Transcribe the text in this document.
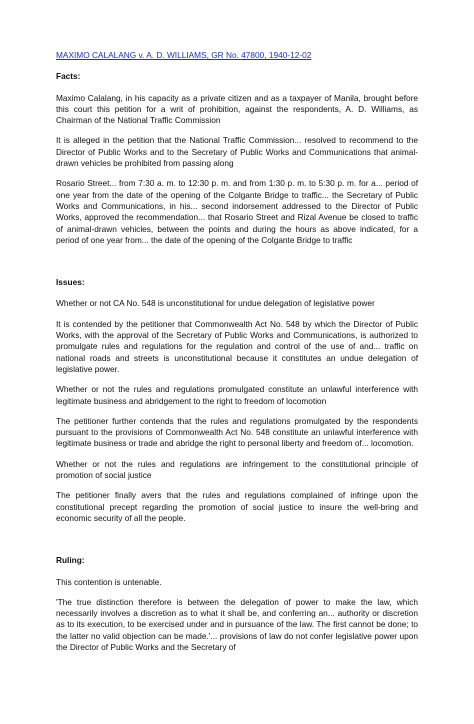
MAXIMO CALALANG v. A. D. WILLIAMS, GR No. 47800, 1940-12-02
Facts:

Maximo Calalang, in his capacity as a private citizen and as a taxpayer of Manila, brought before this court this petition for a writ of prohibition, against the respondents, A. D. Williams, as Chairman of the National Traffic Commission

It is alleged in the petition that the National Traffic Commission... resolved to recommend to the Director of Public Works and to the Secretary of Public Works and Communications that animal-drawn vehicles be prohibited from passing along

Rosario Street... from 7:30 a. m. to 12:30 p. m. and from 1:30 p. m. to 5:30 p. m. for a... period of one year from the date of the opening of the Colgante Bridge to traffic... the Secretary of Public Works and Communications, in his... second indorsement addressed to the Director of Public Works, approved the recommendation... that Rosario Street and Rizal Avenue be closed to traffic of animal-drawn vehicles, between the points and during the hours as above indicated, for a period of one year from... the date of the opening of the Colgante Bridge to traffic

Issues:

Whether or not CA No. 548 is unconstitutional for undue delegation of legislative power

It is contended by the petitioner that Commonwealth Act No. 548 by which the Director of Public Works, with the approval of the Secretary of Public Works and Communications, is authorized to promulgate rules and regulations for the regulation and control of the use of and... traffic on national roads and streets is unconstitutional because it constitutes an undue delegation of legislative power.

Whether or not the rules and regulations promulgated constitute an unlawful interference with legitimate business and abridgement to the right to freedom of locomotion

The petitioner further contends that the rules and regulations promulgated by the respondents pursuant to the provisions of Commonwealth Act No. 548 constitute an unlawful interference with legitimate business or trade and abridge the right to personal liberty and freedom of... locomotion.

Whether or not the rules and regulations are infringement to the constitutional principle of promotion of social justice

The petitioner finally avers that the rules and regulations complained of infringe upon the constitutional precept regarding the promotion of social justice to insure the well-bring and economic security of all the people.

Ruling:

This contention is untenable.

'The true distinction therefore is between the delegation of power to make the law, which necessarily involves a discretion as to what it shall be, and conferring an... authority or discretion as to its execution, to be exercised under and in pursuance of the law. The first cannot be done; to the latter no valid objection can be made.'... provisions of law do not confer legislative power upon the Director of Public Works and the Secretary of
